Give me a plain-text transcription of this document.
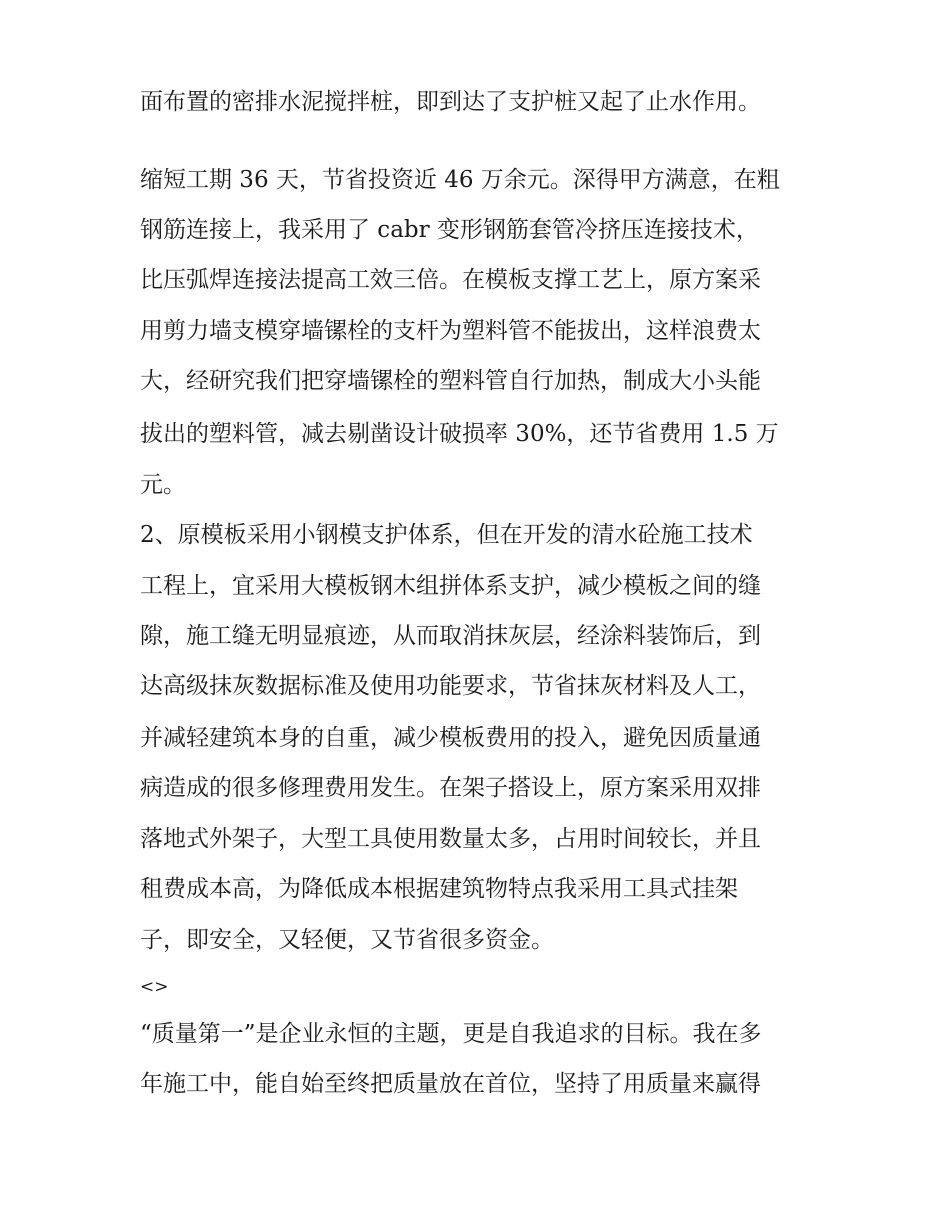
面布置的密排水泥搅拌桩，即到达了支护桩又起了止水作用。
缩短工期 36 天，节省投资近 46 万余元。深得甲方满意，在粗
钢筋连接上，我采用了 cabr 变形钢筋套管冷挤压连接技术，
比压弧焊连接法提高工效三倍。在模板支撑工艺上，原方案采
用剪力墙支模穿墙镙栓的支杆为塑料管不能拔出，这样浪费太
大，经研究我们把穿墙镙栓的塑料管自行加热，制成大小头能
拔出的塑料管，减去剔凿设计破损率 30%，还节省费用 1.5 万
元。
2、原模板采用小钢模支护体系，但在开发的清水砼施工技术
工程上，宜采用大模板钢木组拼体系支护，减少模板之间的缝
隙，施工缝无明显痕迹，从而取消抹灰层，经涂料装饰后，到
达高级抹灰数据标准及使用功能要求，节省抹灰材料及人工，
并减轻建筑本身的自重，减少模板费用的投入，避免因质量通
病造成的很多修理费用发生。在架子搭设上，原方案采用双排
落地式外架子，大型工具使用数量太多，占用时间较长，并且
租费成本高，为降低成本根据建筑物特点我采用工具式挂架
子，即安全，又轻便，又节省很多资金。
<>
“质量第一”是企业永恒的主题，更是自我追求的目标。我在多
年施工中，能自始至终把质量放在首位，坚持了用质量来赢得
